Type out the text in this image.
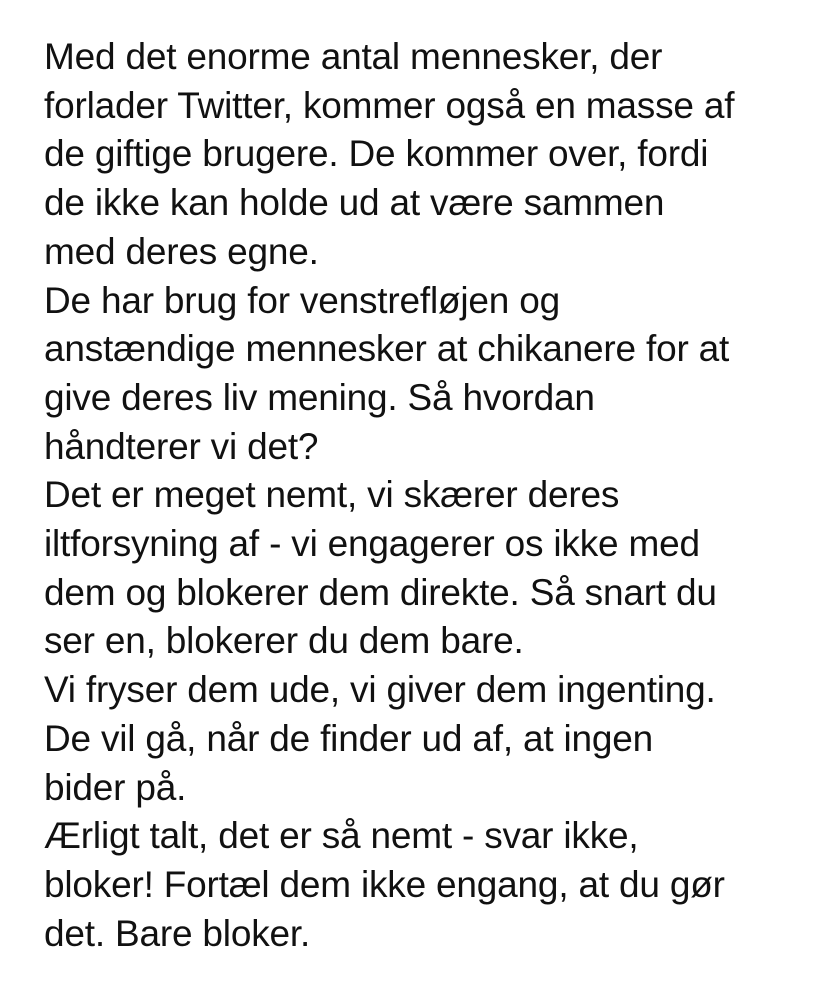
Med det enorme antal mennesker, der
forlader Twitter, kommer også en masse af
de giftige brugere. De kommer over, fordi
de ikke kan holde ud at være sammen
med deres egne.
De har brug for venstrefløjen og
anstændige mennesker at chikanere for at
give deres liv mening. Så hvordan
håndterer vi det?
Det er meget nemt, vi skærer deres
iltforsyning af - vi engagerer os ikke med
dem og blokerer dem direkte. Så snart du
ser en, blokerer du dem bare.
Vi fryser dem ude, vi giver dem ingenting.
De vil gå, når de finder ud af, at ingen
bider på.
Ærligt talt, det er så nemt - svar ikke,
bloker! Fortæl dem ikke engang, at du gør
det. Bare bloker.
